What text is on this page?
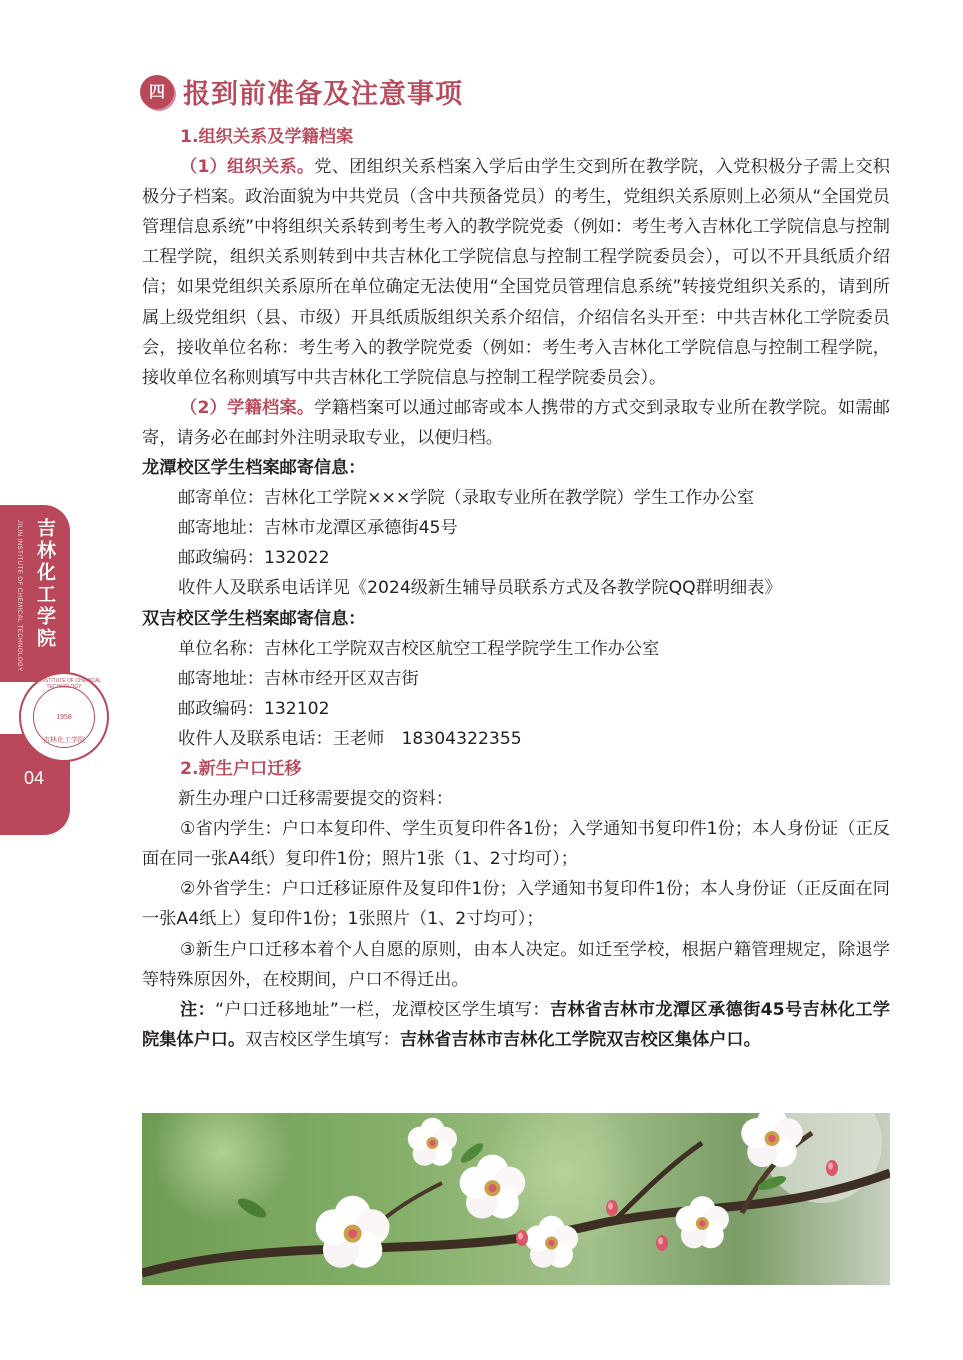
吉林化工学院
JILIN INSTITUTE OF CHEMICAL TECHNOLOGY
JILIN INSTITUTE OF CHEMICAL TECHNOLOGY
1958
吉林化工学院
04
四 报到前准备及注意事项

1.组织关系及学籍档案

（1）组织关系。党、团组织关系档案入学后由学生交到所在教学院，入党积极分子需上交积极分子档案。政治面貌为中共党员（含中共预备党员）的考生，党组织关系原则上必须从“全国党员管理信息系统”中将组织关系转到考生考入的教学院党委（例如：考生考入吉林化工学院信息与控制工程学院，组织关系则转到中共吉林化工学院信息与控制工程学院委员会），可以不开具纸质介绍信；如果党组织关系原所在单位确定无法使用“全国党员管理信息系统”转接党组织关系的，请到所属上级党组织（县、市级）开具纸质版组织关系介绍信，介绍信名头开至：中共吉林化工学院委员会，接收单位名称：考生考入的教学院党委（例如：考生考入吉林化工学院信息与控制工程学院，接收单位名称则填写中共吉林化工学院信息与控制工程学院委员会）。

（2）学籍档案。学籍档案可以通过邮寄或本人携带的方式交到录取专业所在教学院。如需邮寄，请务必在邮封外注明录取专业，以便归档。

龙潭校区学生档案邮寄信息：

邮寄单位：吉林化工学院×××学院（录取专业所在教学院）学生工作办公室

邮寄地址：吉林市龙潭区承德街45号

邮政编码：132022

收件人及联系电话详见《2024级新生辅导员联系方式及各教学院QQ群明细表》

双吉校区学生档案邮寄信息：

单位名称：吉林化工学院双吉校区航空工程学院学生工作办公室

邮寄地址：吉林市经开区双吉街

邮政编码：132102

收件人及联系电话：王老师　18304322355

2.新生户口迁移

新生办理户口迁移需要提交的资料：

①省内学生：户口本复印件、学生页复印件各1份；入学通知书复印件1份；本人身份证（正反面在同一张A4纸）复印件1份；照片1张（1、2寸均可）；

②外省学生：户口迁移证原件及复印件1份；入学通知书复印件1份；本人身份证（正反面在同一张A4纸上）复印件1份；1张照片（1、2寸均可）；

③新生户口迁移本着个人自愿的原则，由本人决定。如迁至学校，根据户籍管理规定，除退学等特殊原因外，在校期间，户口不得迁出。

注：“户口迁移地址”一栏，龙潭校区学生填写：吉林省吉林市龙潭区承德街45号吉林化工学院集体户口。双吉校区学生填写：吉林省吉林市吉林化工学院双吉校区集体户口。
